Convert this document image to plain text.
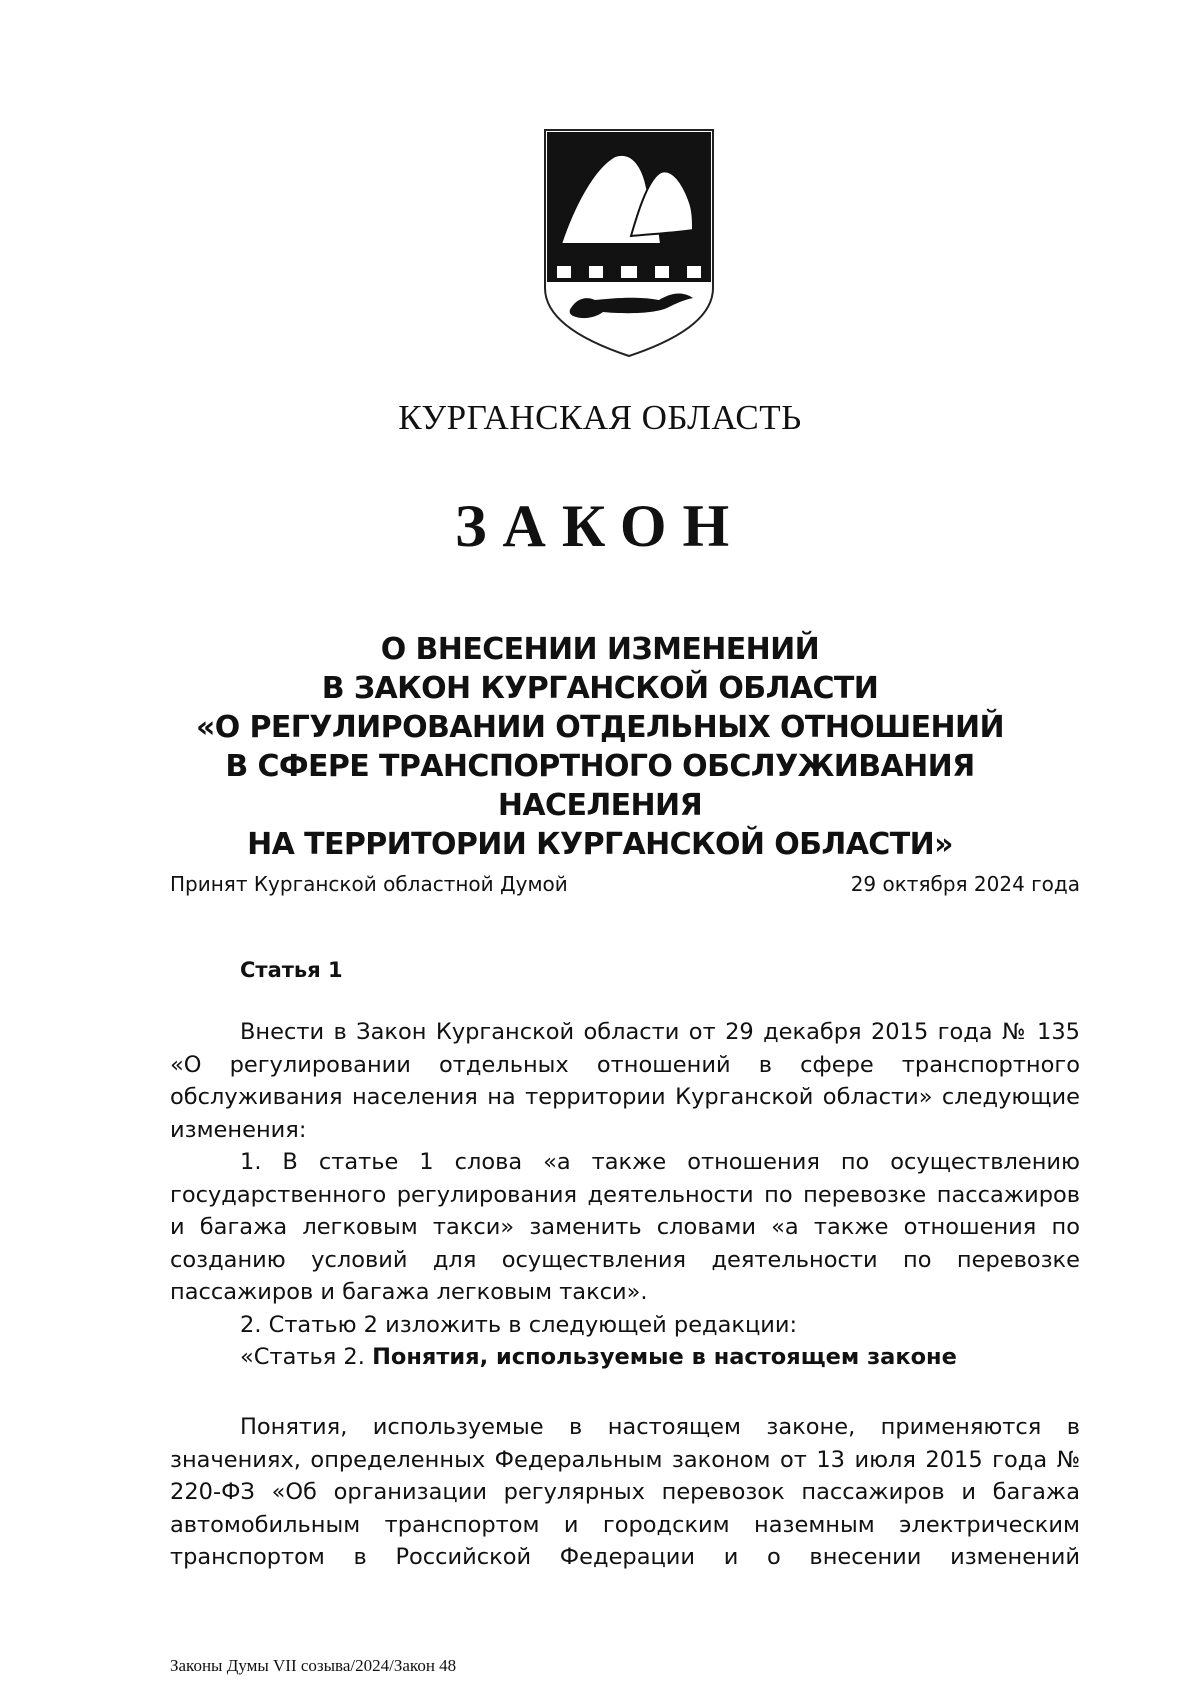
КУРГАНСКАЯ ОБЛАСТЬ
ЗАКОН
О ВНЕСЕНИИ ИЗМЕНЕНИЙ
В ЗАКОН КУРГАНСКОЙ ОБЛАСТИ
«О РЕГУЛИРОВАНИИ ОТДЕЛЬНЫХ ОТНОШЕНИЙ
В СФЕРЕ ТРАНСПОРТНОГО ОБСЛУЖИВАНИЯ НАСЕЛЕНИЯ
НА ТЕРРИТОРИИ КУРГАНСКОЙ ОБЛАСТИ»
Принят Курганской областной Думой	29 октября 2024 года
Статья 1

Внести в Закон Курганской области от 29 декабря 2015 года № 135 «О регулировании отдельных отношений в сфере транспортного обслуживания населения на территории Курганской области» следующие изменения:

1. В статье 1 слова «а также отношения по осуществлению государственного регулирования деятельности по перевозке пассажиров и багажа легковым такси» заменить словами «а также отношения по созданию условий для осуществления деятельности по перевозке пассажиров и багажа легковым такси».

2. Статью 2 изложить в следующей редакции:

«Статья 2. Понятия, используемые в настоящем законе

Понятия, используемые в настоящем законе, применяются в значениях, определенных Федеральным законом от 13 июля 2015 года № 220-ФЗ «Об организации регулярных перевозок пассажиров и багажа автомобильным транспортом и городским наземным электрическим транспортом в Российской Федерации и о внесении изменений

Законы Думы VII созыва/2024/Закон 48
